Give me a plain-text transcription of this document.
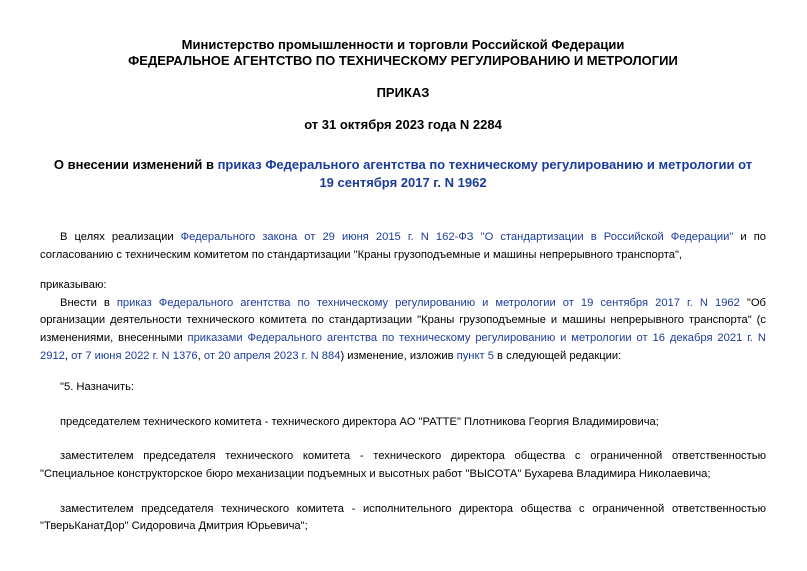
Министерство промышленности и торговли Российской Федерации
ФЕДЕРАЛЬНОЕ АГЕНТСТВО ПО ТЕХНИЧЕСКОМУ РЕГУЛИРОВАНИЮ И МЕТРОЛОГИИ
ПРИКАЗ
от 31 октября 2023 года N 2284
О внесении изменений в приказ Федерального агентства по техническому регулированию и метрологии от 19 сентября 2017 г. N 1962
В целях реализации Федерального закона от 29 июня 2015 г. N 162-ФЗ "О стандартизации в Российской Федерации" и по согласованию с техническим комитетом по стандартизации "Краны грузоподъемные и машины непрерывного транспорта",
приказываю:
Внести в приказ Федерального агентства по техническому регулированию и метрологии от 19 сентября 2017 г. N 1962 "Об организации деятельности технического комитета по стандартизации "Краны грузоподъемные и машины непрерывного транспорта" (с изменениями, внесенными приказами Федерального агентства по техническому регулированию и метрологии от 16 декабря 2021 г. N 2912, от 7 июня 2022 г. N 1376, от 20 апреля 2023 г. N 884) изменение, изложив пункт 5 в следующей редакции:
"5. Назначить:
председателем технического комитета - технического директора АО "РАТТЕ" Плотникова Георгия Владимировича;
заместителем председателя технического комитета - технического директора общества с ограниченной ответственностью "Специальное конструкторское бюро механизации подъемных и высотных работ "ВЫСОТА" Бухарева Владимира Николаевича;
заместителем председателя технического комитета - исполнительного директора общества с ограниченной ответственностью "ТверьКанатДор" Сидоровича Дмитрия Юрьевича";
